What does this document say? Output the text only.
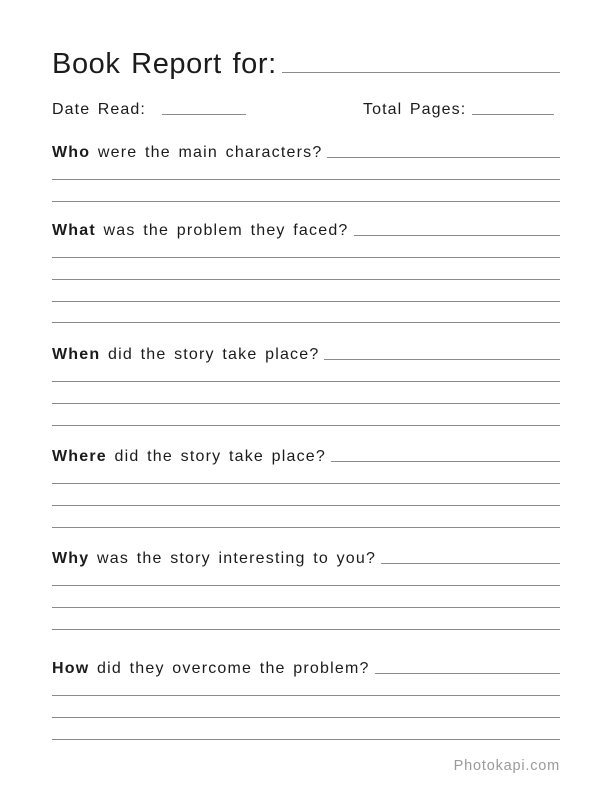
Book Report for:
Date Read:	Total Pages:
Who were the main characters?
What was the problem they faced?
When did the story take place?
Where did the story take place?
Why was the story interesting to you?
How did they overcome the problem?
Photokapi.com
